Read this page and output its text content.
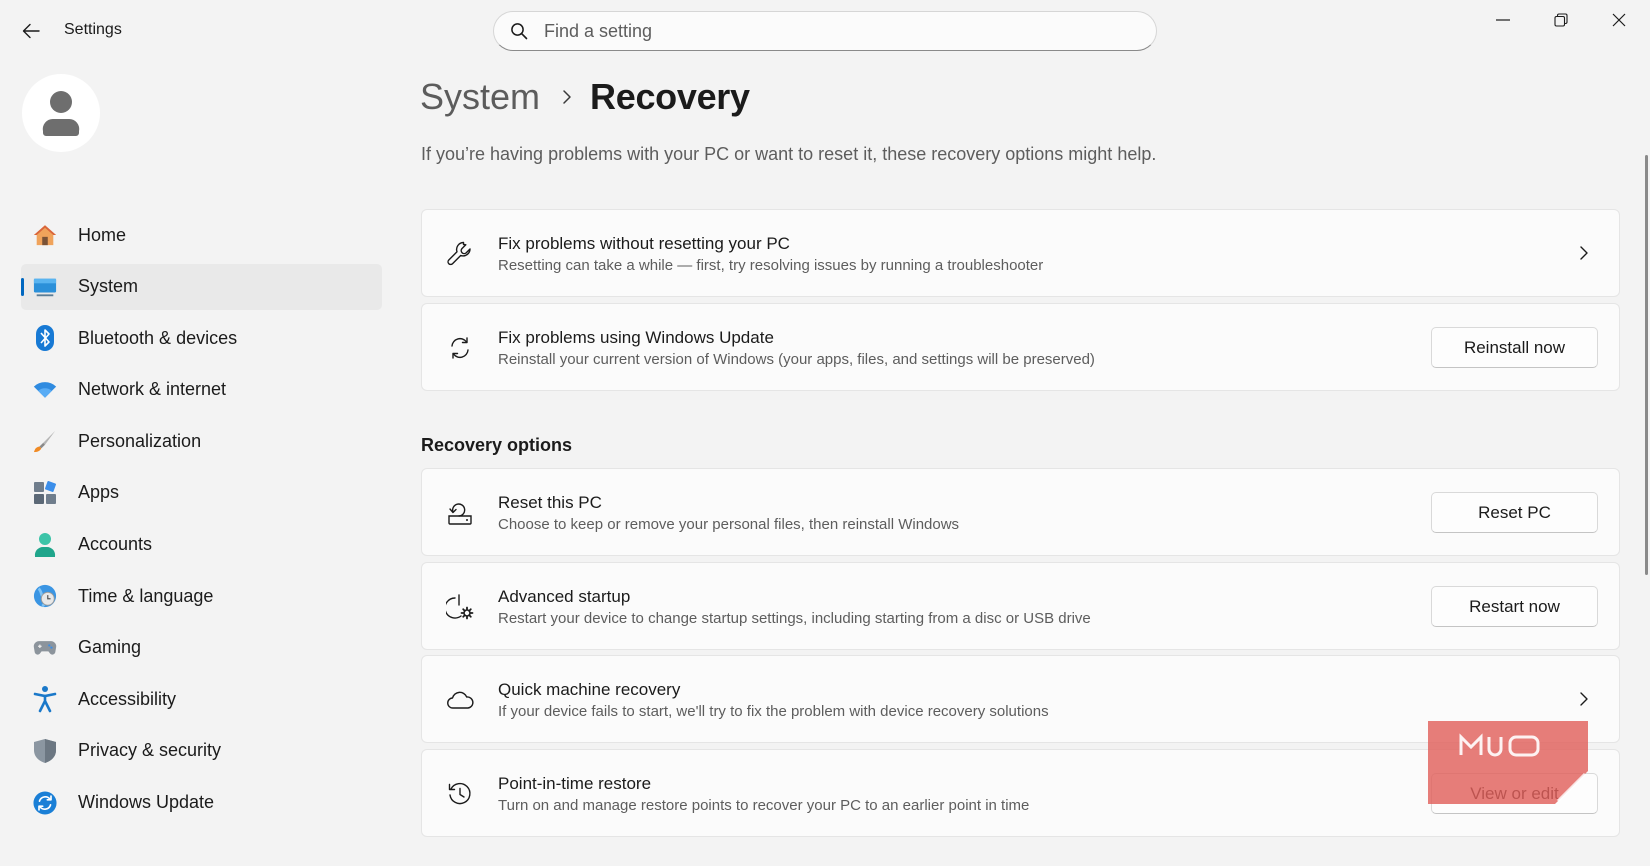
Settings
Find a setting
Home
System
Bluetooth & devices
Network & internet
Personalization
Apps
Accounts
Time & language
Gaming
Accessibility
Privacy & security
Windows Update
System Recovery
If you’re having problems with your PC or want to reset it, these recovery options might help.
Fix problems without resetting your PC
Resetting can take a while — first, try resolving issues by running a troubleshooter
Fix problems using Windows Update
Reinstall your current version of Windows (your apps, files, and settings will be preserved)
Reinstall now
Recovery options
Reset this PC
Choose to keep or remove your personal files, then reinstall Windows
Reset PC
Advanced startup
Restart your device to change startup settings, including starting from a disc or USB drive
Restart now
Quick machine recovery
If your device fails to start, we'll try to fix the problem with device recovery solutions
Point-in-time restore
Turn on and manage restore points to recover your PC to an earlier point in time
